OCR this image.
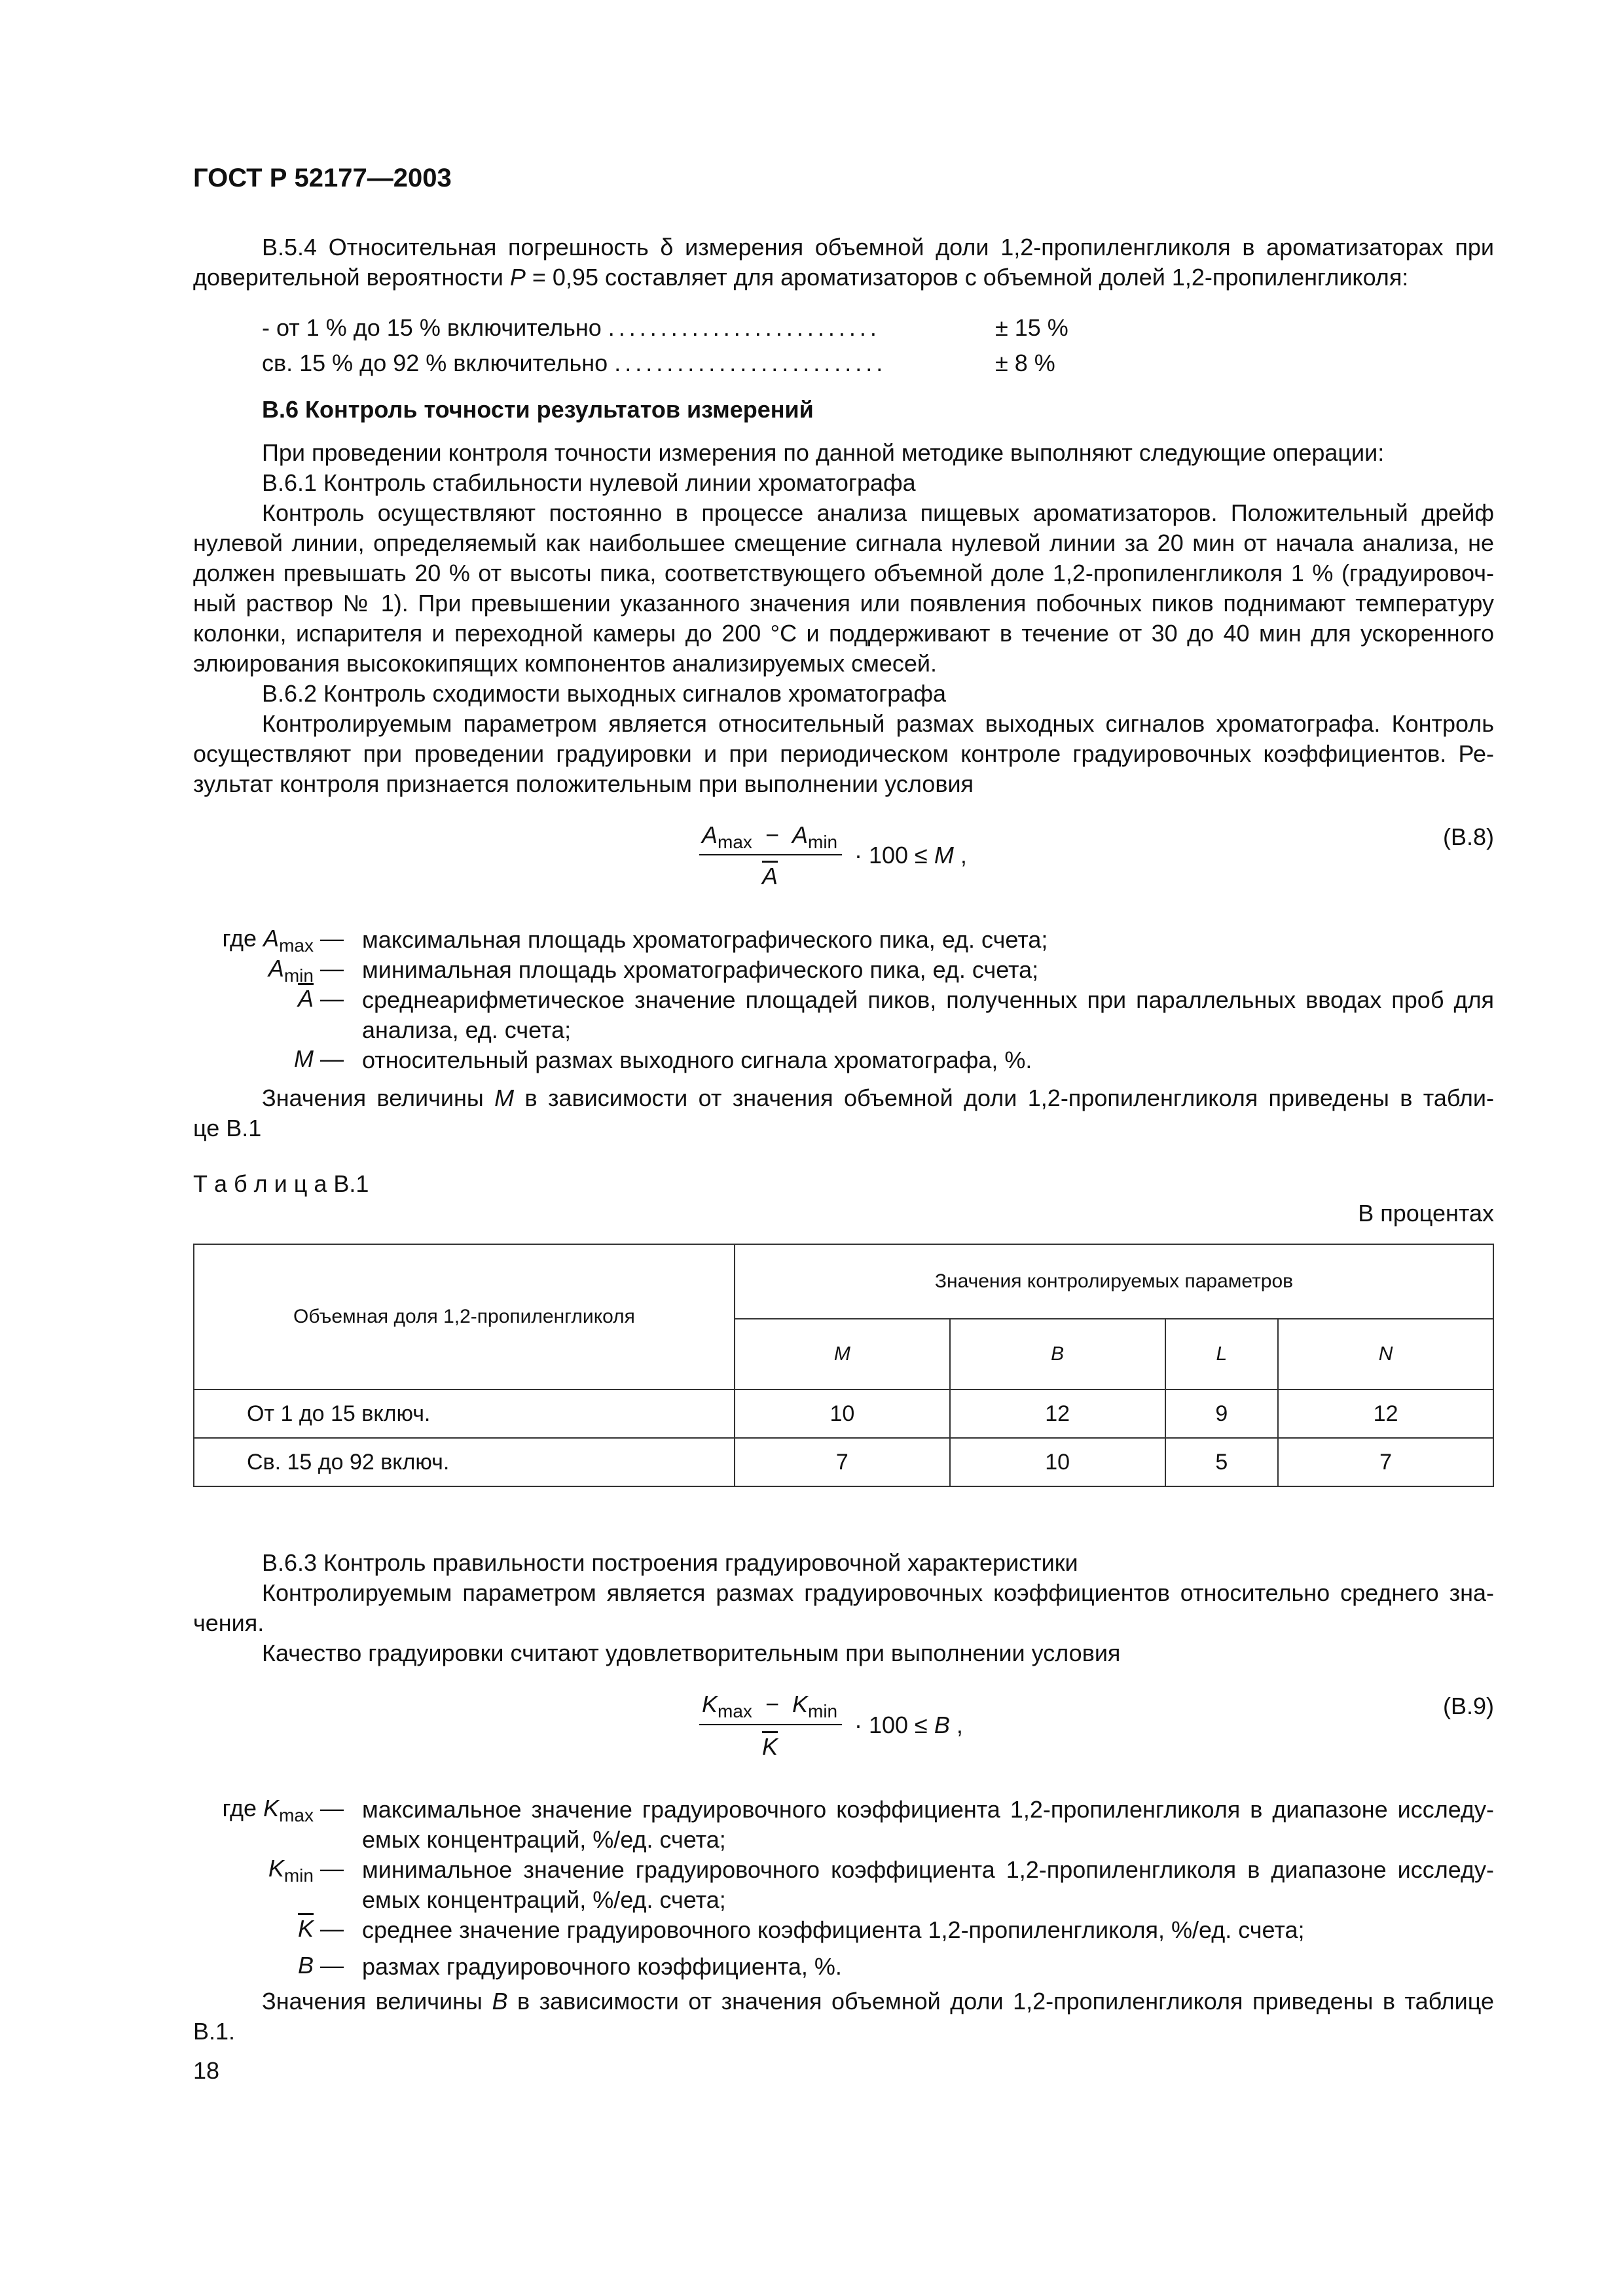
ГОСТ Р 52177—2003
В.5.4 Относительная погрешность δ измерения объемной доли 1,2-пропиленгликоля в ароматизаторах при
доверительной вероятности P = 0,95 составляет для ароматизаторов с объемной долей 1,2-пропиленгликоля:
- от 1 % до 15 % включительно ..........................	± 15 %
св. 15 % до 92 % включительно ..........................	± 8 %
В.6 Контроль точности результатов измерений
При проведении контроля точности измерения по данной методике выполняют следующие операции:
В.6.1 Контроль стабильности нулевой линии хроматографа
Контроль осуществляют постоянно в процессе анализа пищевых ароматизаторов. Положительный дрейф
нулевой линии, определяемый как наибольшее смещение сигнала нулевой линии за 20 мин от начала анализа, не
должен превышать 20 % от высоты пика, соответствующего объемной доле 1,2-пропиленгликоля 1 % (градуировоч-
ный раствор № 1). При превышении указанного значения или появления побочных пиков поднимают температуру
колонки, испарителя и переходной камеры до 200 °С и поддерживают в течение от 30 до 40 мин для ускоренного
элюирования высококипящих компонентов анализируемых смесей.
В.6.2 Контроль сходимости выходных сигналов хроматографа
Контролируемым параметром является относительный размах выходных сигналов хроматографа. Контроль
осуществляют при проведении градуировки и при периодическом контроле градуировочных коэффициентов. Ре-
зультат контроля признается положительным при выполнении условия
$A_{max} - A_{min}$
$\overline{A}$
· 100 ≤ M ,
(В.8)
где $A_{max}$ — максимальная площадь хроматографического пика, ед. счета;
$A_{min}$ — минимальная площадь хроматографического пика, ед. счета;
$\overline{A}$ — среднеарифметическое значение площадей пиков, полученных при параллельных вводах проб для
анализа, ед. счета;
M — относительный размах выходного сигнала хроматографа, %.
Значения величины M в зависимости от значения объемной доли 1,2-пропиленгликоля приведены в табли-
це В.1
Т а б л и ц а В.1
В процентах
Объемная доля 1,2-пропиленгликоля	Значения контролируемых параметров			
	M	B	L	N
От 1 до 15 включ.	10	12	9	12
Св. 15 до 92 включ.	7	10	5	7
В.6.3 Контроль правильности построения градуировочной характеристики
Контролируемым параметром является размах градуировочных коэффициентов относительно среднего зна-
чения.
Качество градуировки считают удовлетворительным при выполнении условия
$K_{max} - K_{min}$
$\overline{K}$
· 100 ≤ B ,
(В.9)
где $K_{max}$ — максимальное значение градуировочного коэффициента 1,2-пропиленгликоля в диапазоне исследу-
емых концентраций, %/ед. счета;
$K_{min}$ — минимальное значение градуировочного коэффициента 1,2-пропиленгликоля в диапазоне исследу-
емых концентраций, %/ед. счета;
$\overline{K}$ — среднее значение градуировочного коэффициента 1,2-пропиленгликоля, %/ед. счета;
B — размах градуировочного коэффициента, %.
Значения величины B в зависимости от значения объемной доли 1,2-пропиленгликоля приведены в таблице
В.1.
18
